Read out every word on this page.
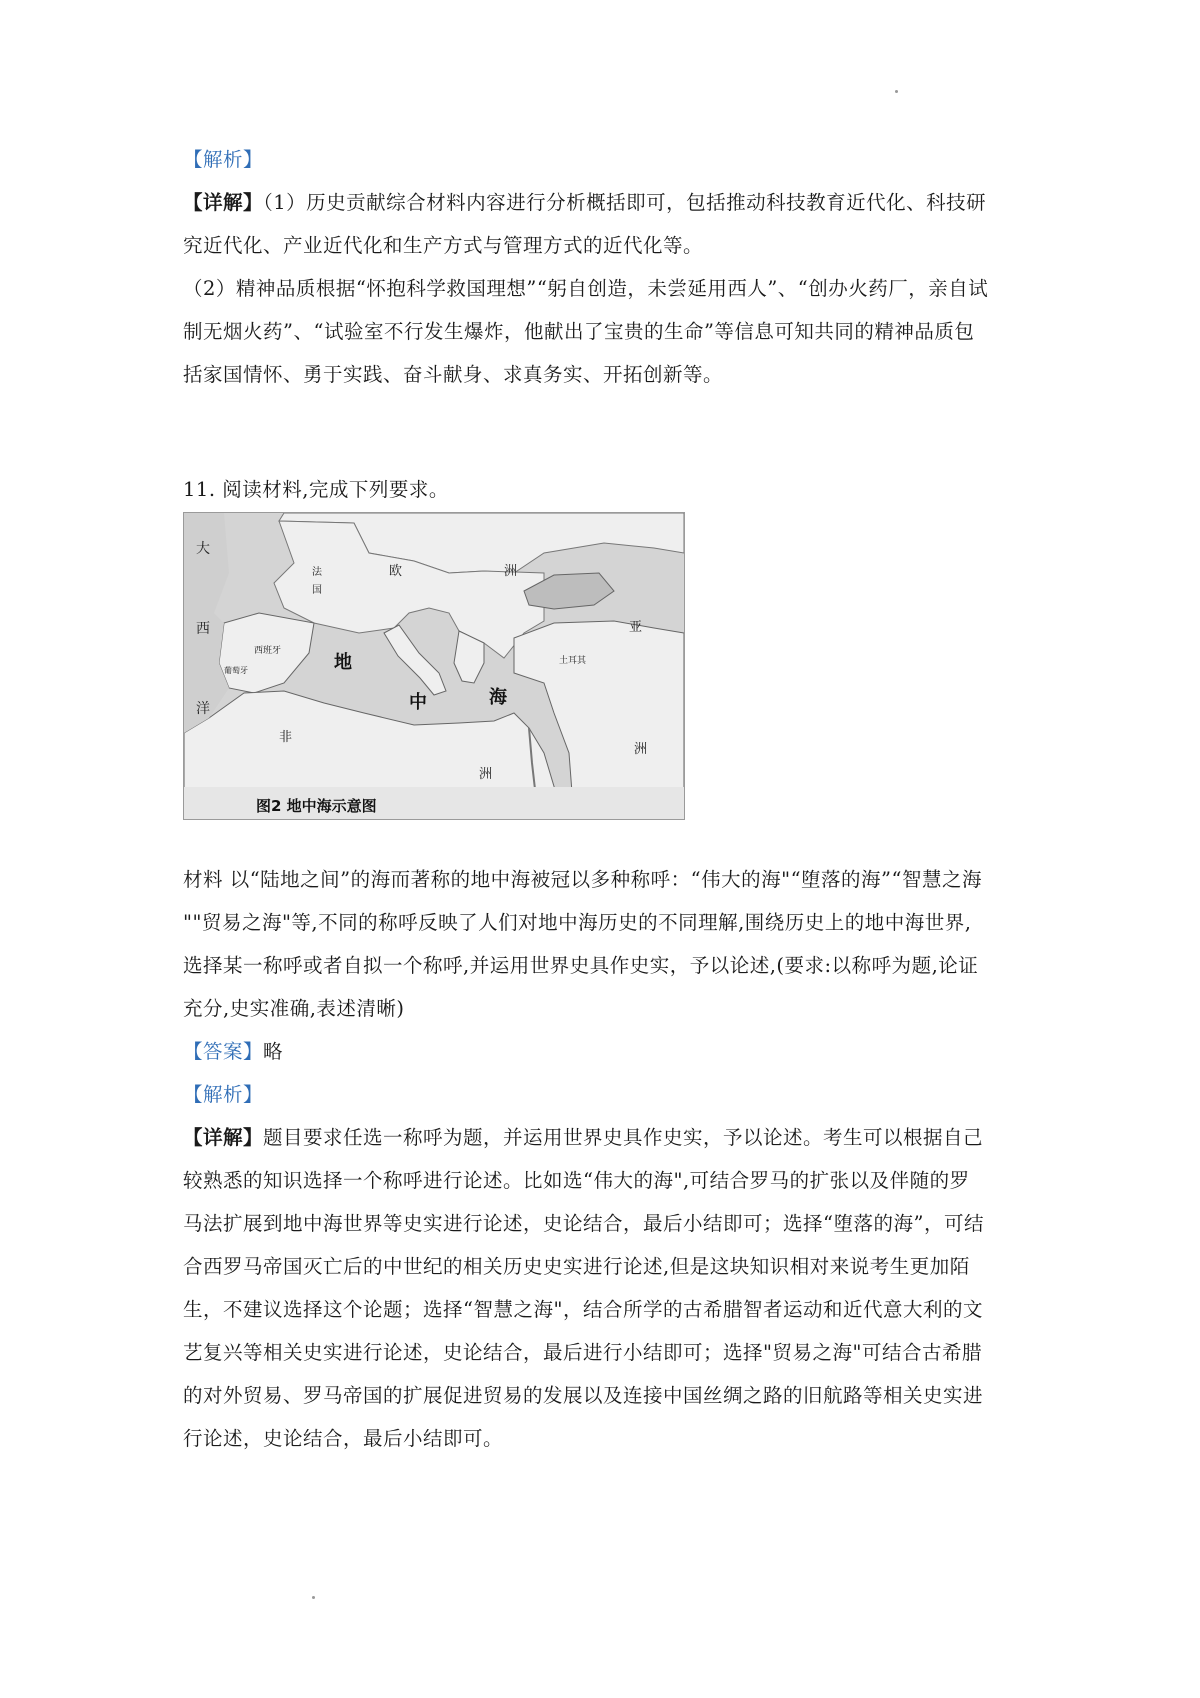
【解析】
【详解】（1）历史贡献综合材料内容进行分析概括即可，包括推动科技教育近代化、科技研
究近代化、产业近代化和生产方式与管理方式的近代化等。
（2）精神品质根据“怀抱科学救国理想”“躬自创造，未尝延用西人”、“创办火药厂，亲自试
制无烟火药”、“试验室不行发生爆炸，他献出了宝贵的生命”等信息可知共同的精神品质包
括家国情怀、勇于实践、奋斗献身、求真务实、开拓创新等。
11. 阅读材料,完成下列要求。
大
西
洋
欧	洲
法
国
西班牙
葡萄牙	地
中	海
非
洲
亚
土耳其
洲
图2 地中海示意图
材料 以“陆地之间”的海而著称的地中海被冠以多种称呼：“伟大的海"“堕落的海”“智慧之海
""贸易之海"等,不同的称呼反映了人们对地中海历史的不同理解,围绕历史上的地中海世界,
选择某一称呼或者自拟一个称呼,并运用世界史具作史实，予以论述,(要求:以称呼为题,论证
充分,史实准确,表述清晰)
【答案】略
【解析】
【详解】题目要求任选一称呼为题，并运用世界史具作史实，予以论述。考生可以根据自己
较熟悉的知识选择一个称呼进行论述。比如选“伟大的海",可结合罗马的扩张以及伴随的罗
马法扩展到地中海世界等史实进行论述，史论结合，最后小结即可；选择“堕落的海”，可结
合西罗马帝国灭亡后的中世纪的相关历史史实进行论述,但是这块知识相对来说考生更加陌
生，不建议选择这个论题；选择“智慧之海"，结合所学的古希腊智者运动和近代意大利的文
艺复兴等相关史实进行论述，史论结合，最后进行小结即可；选择"贸易之海"可结合古希腊
的对外贸易、罗马帝国的扩展促进贸易的发展以及连接中国丝绸之路的旧航路等相关史实进
行论述，史论结合，最后小结即可。
